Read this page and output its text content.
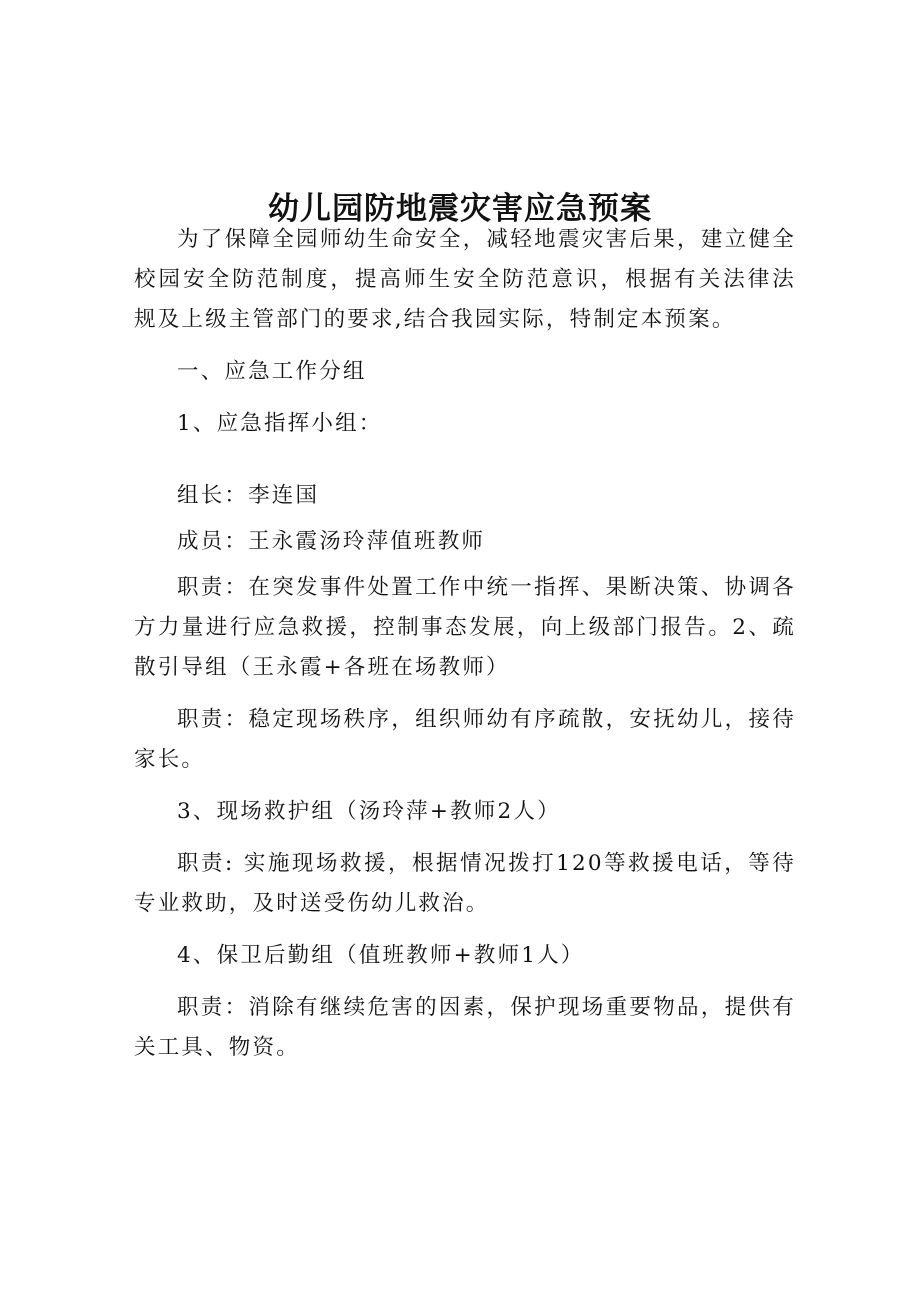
幼儿园防地震灾害应急预案

为了保障全园师幼生命安全，减轻地震灾害后果，建立健全校园安全防范制度，提高师生安全防范意识，根据有关法律法规及上级主管部门的要求,结合我园实际，特制定本预案。

一、应急工作分组

1、应急指挥小组：

组长：李连国

成员：王永霞汤玲萍值班教师

职责：在突发事件处置工作中统一指挥、果断决策、协调各方力量进行应急救援，控制事态发展，向上级部门报告。2、疏散引导组（王永霞+各班在场教师）

职责：稳定现场秩序，组织师幼有序疏散，安抚幼儿，接待家长。

3、现场救护组（汤玲萍+教师2人）

职责: 实施现场救援，根据情况拨打120等救援电话，等待专业救助，及时送受伤幼儿救治。

4、保卫后勤组（值班教师+教师1人）

职责：消除有继续危害的因素，保护现场重要物品，提供有关工具、物资。
